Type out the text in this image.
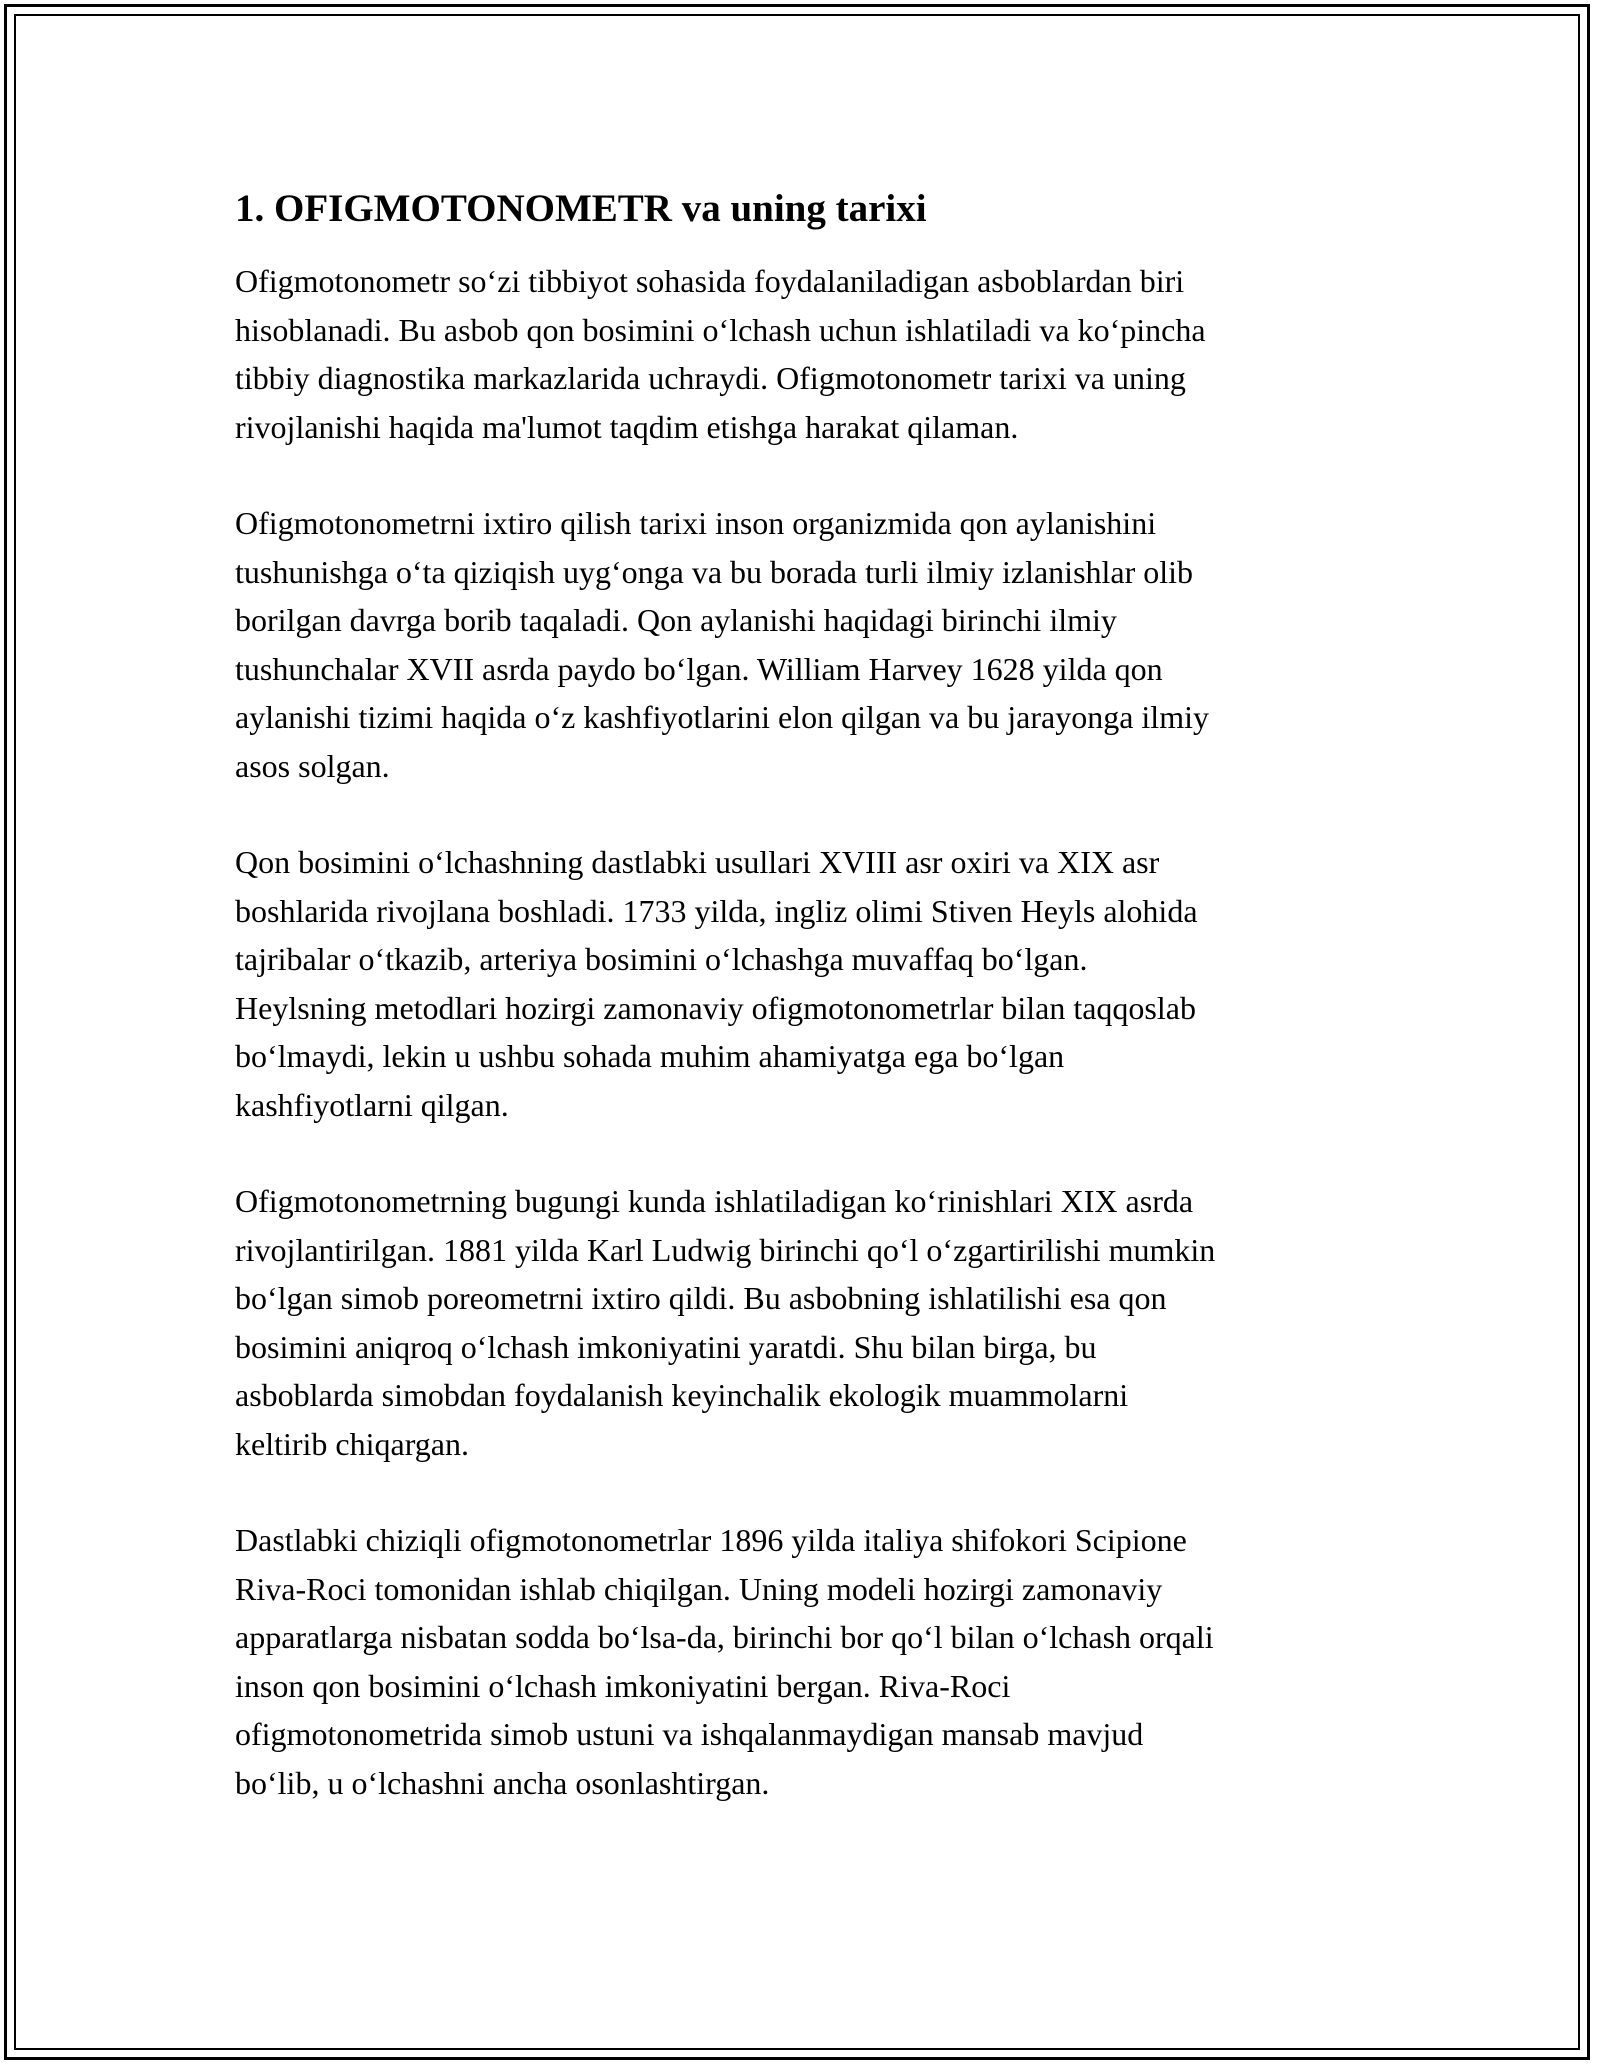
1. OFIGMOTONOMETR va uning tarixi

Ofigmotonometr so‘zi tibbiyot sohasida foydalaniladigan asboblardan biri
hisoblanadi. Bu asbob qon bosimini o‘lchash uchun ishlatiladi va ko‘pincha
tibbiy diagnostika markazlarida uchraydi. Ofigmotonometr tarixi va uning
rivojlanishi haqida ma'lumot taqdim etishga harakat qilaman.

Ofigmotonometrni ixtiro qilish tarixi inson organizmida qon aylanishini
tushunishga o‘ta qiziqish uyg‘onga va bu borada turli ilmiy izlanishlar olib
borilgan davrga borib taqaladi. Qon aylanishi haqidagi birinchi ilmiy
tushunchalar XVII asrda paydo bo‘lgan. William Harvey 1628 yilda qon
aylanishi tizimi haqida o‘z kashfiyotlarini elon qilgan va bu jarayonga ilmiy
asos solgan.

Qon bosimini o‘lchashning dastlabki usullari XVIII asr oxiri va XIX asr
boshlarida rivojlana boshladi. 1733 yilda, ingliz olimi Stiven Heyls alohida
tajribalar o‘tkazib, arteriya bosimini o‘lchashga muvaffaq bo‘lgan.
Heylsning metodlari hozirgi zamonaviy ofigmotonometrlar bilan taqqoslab
bo‘lmaydi, lekin u ushbu sohada muhim ahamiyatga ega bo‘lgan
kashfiyotlarni qilgan.

Ofigmotonometrning bugungi kunda ishlatiladigan ko‘rinishlari XIX asrda
rivojlantirilgan. 1881 yilda Karl Ludwig birinchi qo‘l o‘zgartirilishi mumkin
bo‘lgan simob poreometrni ixtiro qildi. Bu asbobning ishlatilishi esa qon
bosimini aniqroq o‘lchash imkoniyatini yaratdi. Shu bilan birga, bu
asboblarda simobdan foydalanish keyinchalik ekologik muammolarni
keltirib chiqargan.

Dastlabki chiziqli ofigmotonometrlar 1896 yilda italiya shifokori Scipione
Riva-Roci tomonidan ishlab chiqilgan. Uning modeli hozirgi zamonaviy
apparatlarga nisbatan sodda bo‘lsa-da, birinchi bor qo‘l bilan o‘lchash orqali
inson qon bosimini o‘lchash imkoniyatini bergan. Riva-Roci
ofigmotonometrida simob ustuni va ishqalanmaydigan mansab mavjud
bo‘lib, u o‘lchashni ancha osonlashtirgan.
